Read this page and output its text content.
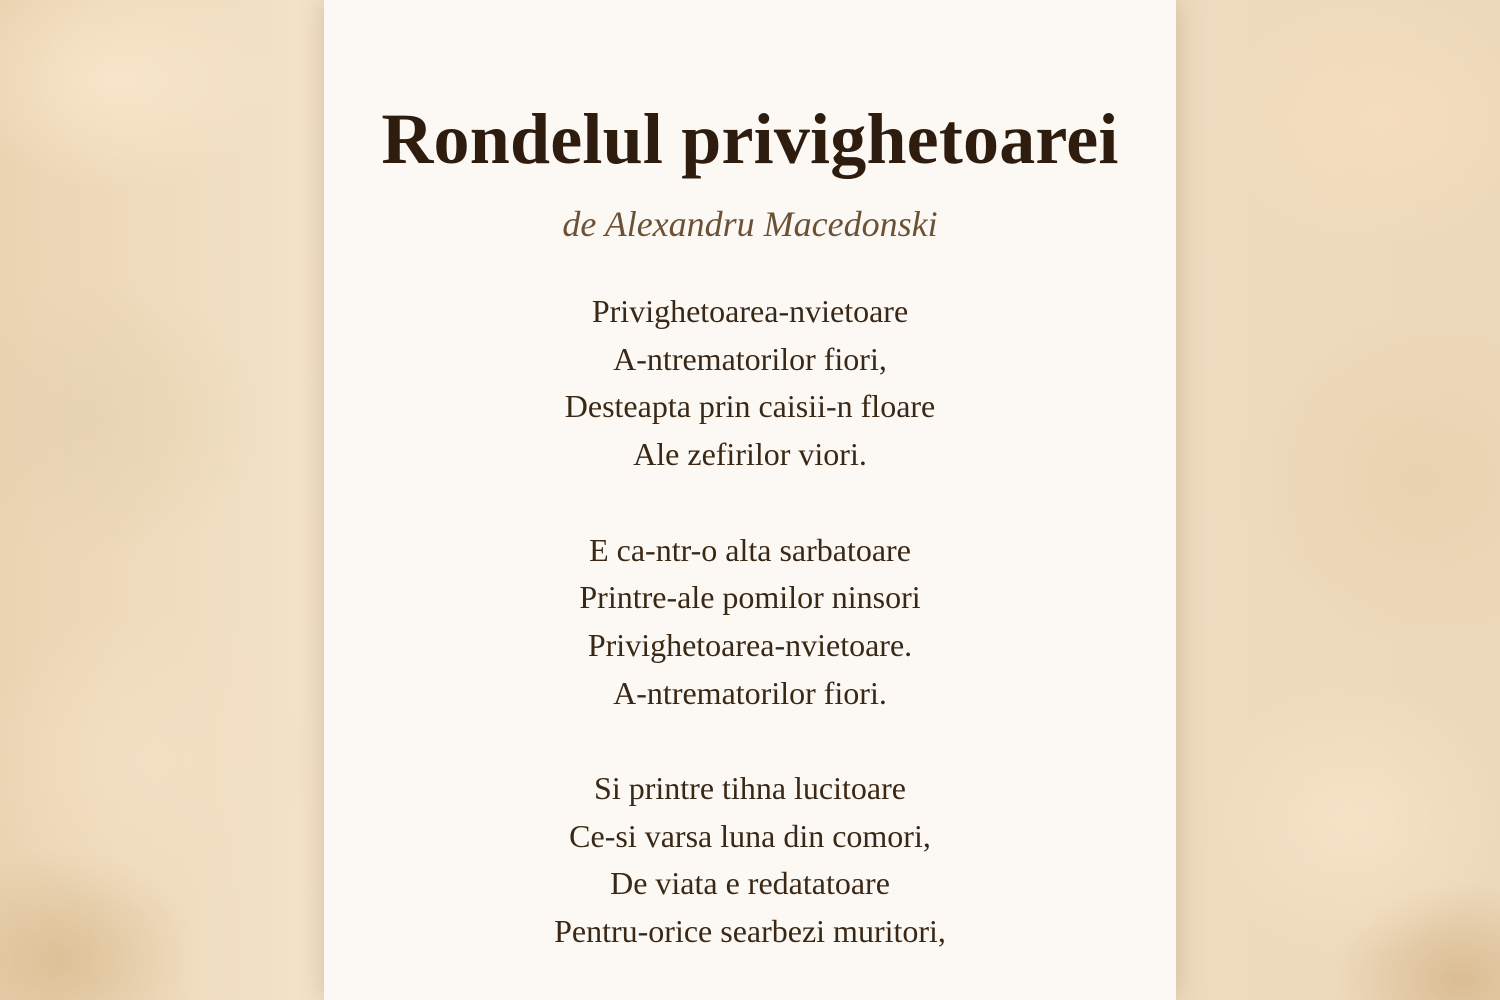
Rondelul privighetoarei
de Alexandru Macedonski
Privighetoarea-nvietoare
A-ntrematorilor fiori,
Desteapta prin caisii-n floare
Ale zefirilor viori.
E ca-ntr-o alta sarbatoare
Printre-ale pomilor ninsori
Privighetoarea-nvietoare.
A-ntrematorilor fiori.
Si printre tihna lucitoare
Ce-si varsa luna din comori,
De viata e redatatoare
Pentru-orice searbezi muritori,
